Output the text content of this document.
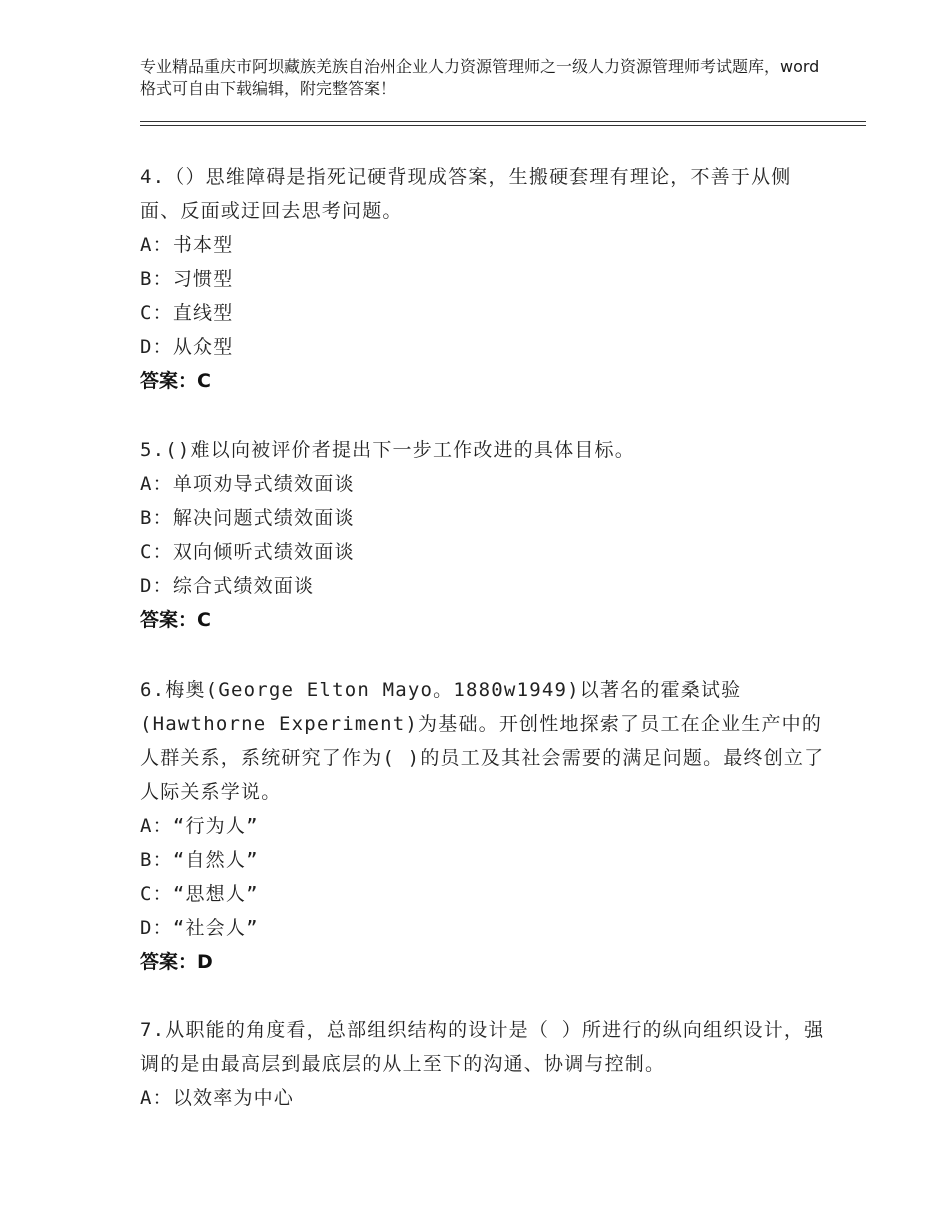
专业精品重庆市阿坝藏族羌族自治州企业人力资源管理师之一级人力资源管理师考试题库，word格式可自由下载编辑，附完整答案！
4.（）思维障碍是指死记硬背现成答案，生搬硬套理有理论，不善于从侧面、反面或迂回去思考问题。
A：书本型
B：习惯型
C：直线型
D：从众型
答案：C
5.()难以向被评价者提出下一步工作改进的具体目标。
A：单项劝导式绩效面谈
B：解决问题式绩效面谈
C：双向倾听式绩效面谈
D：综合式绩效面谈
答案：C
6.梅奥(George Elton Mayo。1880w1949)以著名的霍桑试验(Hawthorne Experiment)为基础。开创性地探索了员工在企业生产中的人群关系，系统研究了作为( )的员工及其社会需要的满足问题。最终创立了人际关系学说。
A：“行为人”
B：“自然人”
C：“思想人”
D：“社会人”
答案：D
7.从职能的角度看，总部组织结构的设计是（ ）所进行的纵向组织设计，强调的是由最高层到最底层的从上至下的沟通、协调与控制。
A：以效率为中心
